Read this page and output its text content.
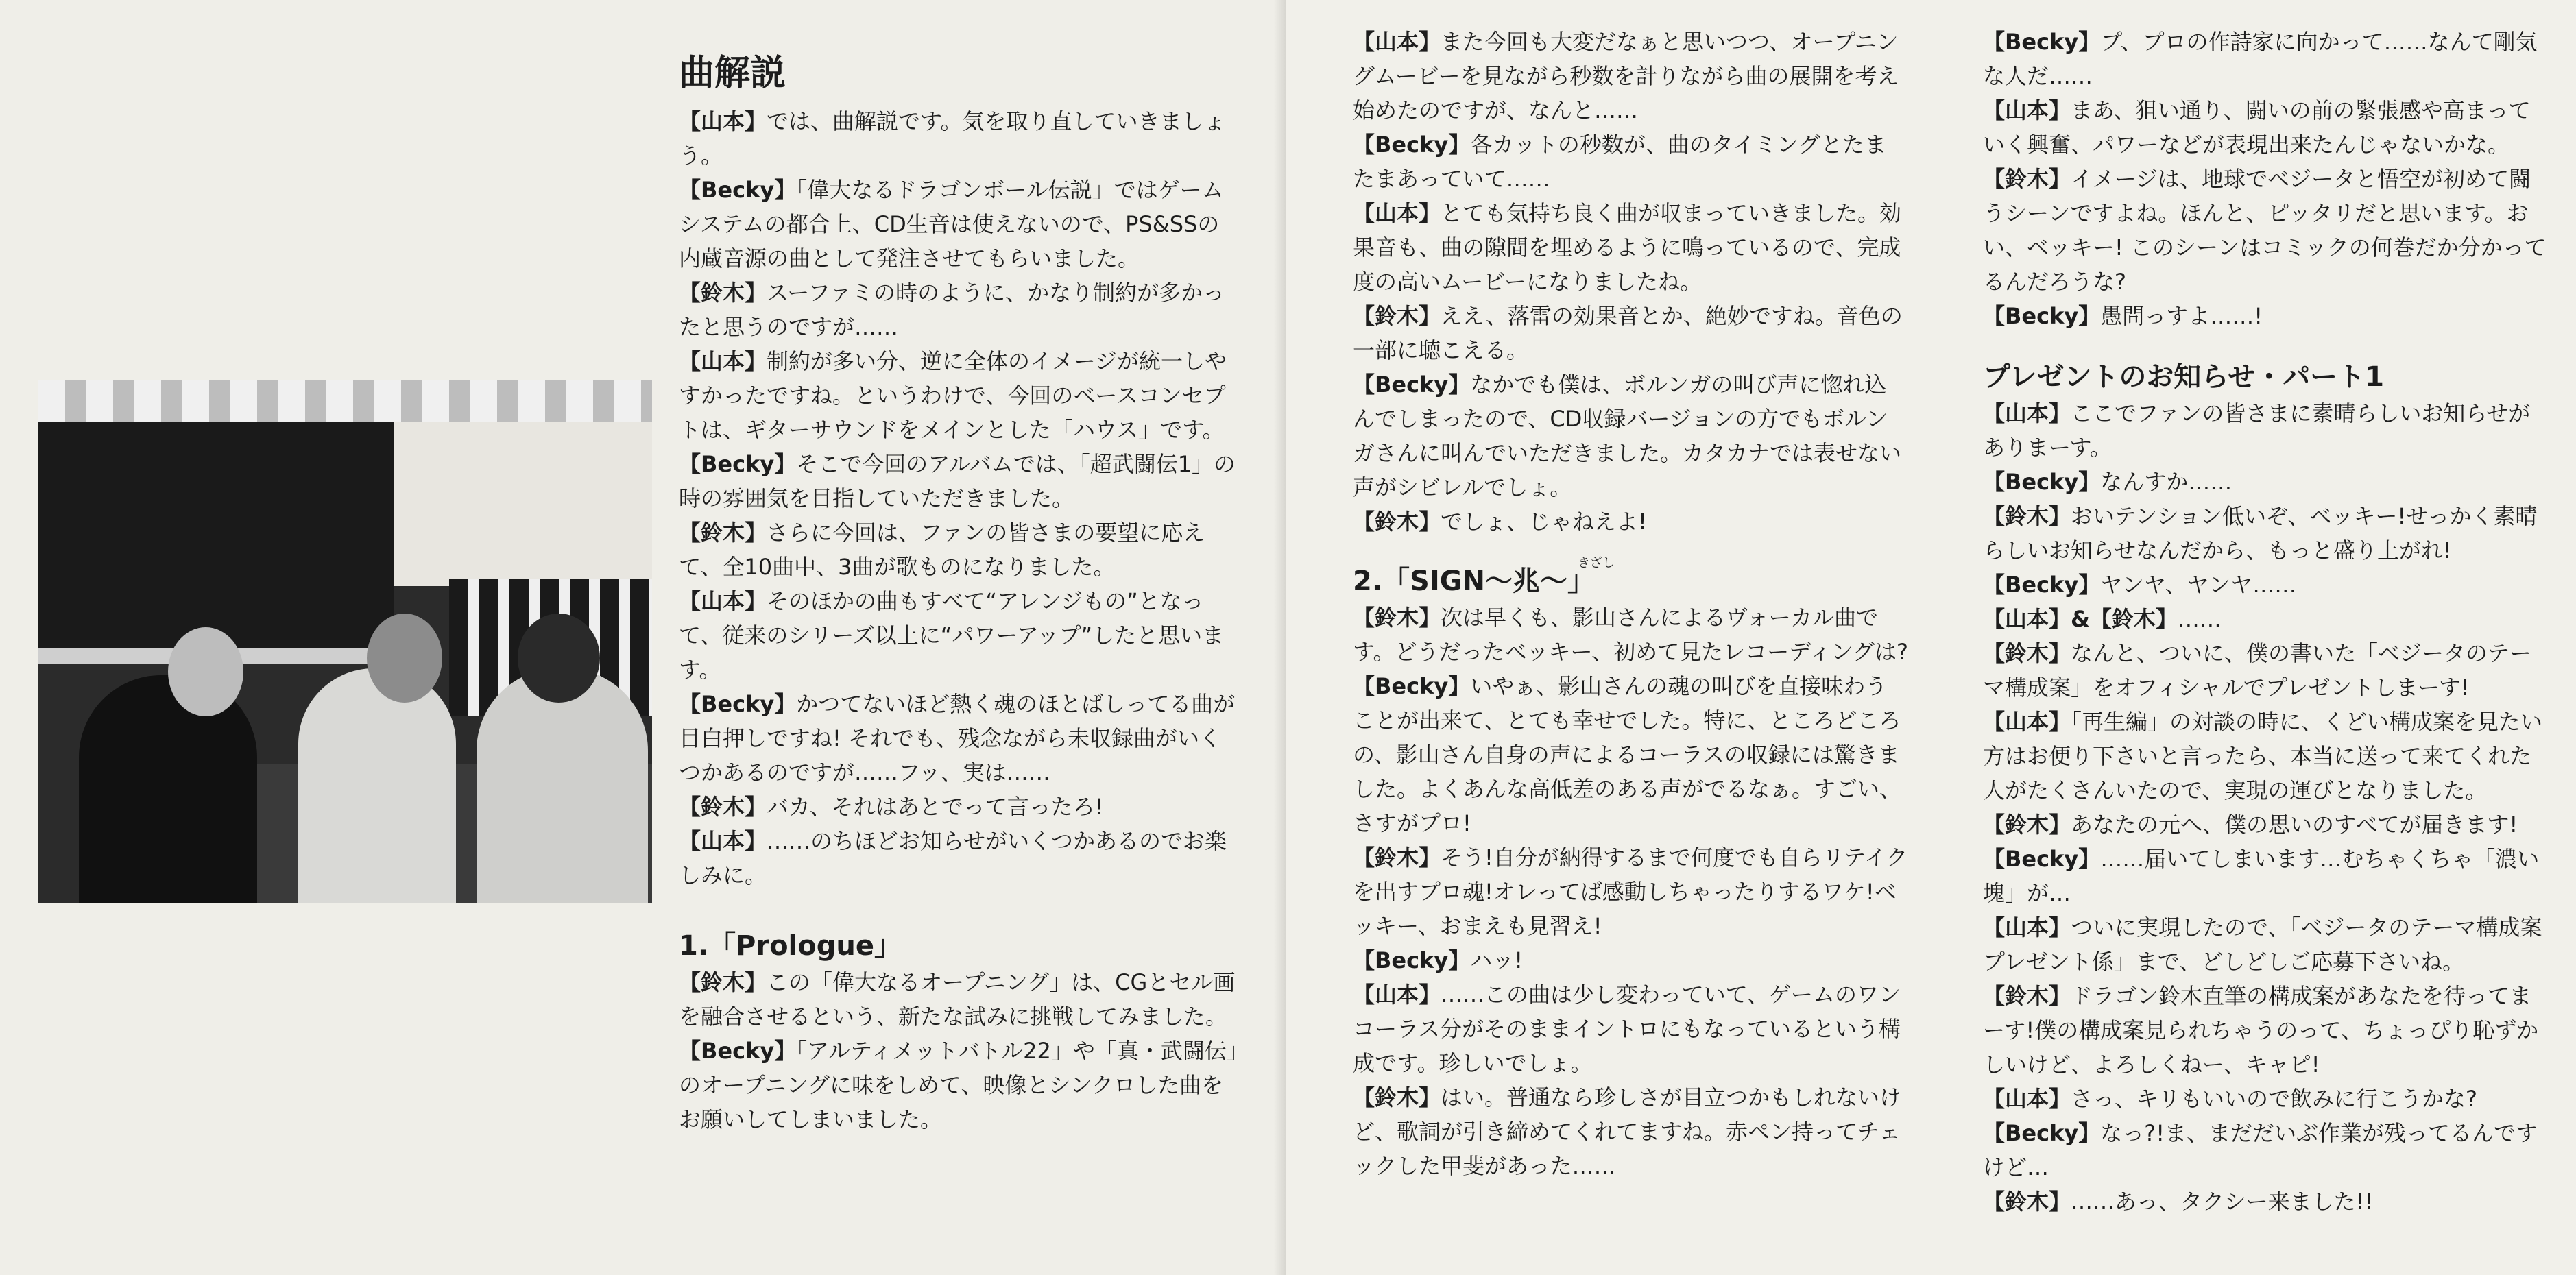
曲解説

【山本】では、曲解説です。気を取り直していきましょう。

【Becky】「偉大なるドラゴンボール伝説」ではゲームシステムの都合上、CD生音は使えないので、PS&SSの内蔵音源の曲として発注させてもらいました。

【鈴木】スーファミの時のように、かなり制約が多かったと思うのですが……

【山本】制約が多い分、逆に全体のイメージが統一しやすかったですね。というわけで、今回のベースコンセプトは、ギターサウンドをメインとした「ハウス」です。

【Becky】そこで今回のアルバムでは、「超武闘伝1」の時の雰囲気を目指していただきました。

【鈴木】さらに今回は、ファンの皆さまの要望に応えて、全10曲中、3曲が歌ものになりました。

【山本】そのほかの曲もすべて“アレンジもの”となって、従来のシリーズ以上に“パワーアップ”したと思います。

【Becky】かつてないほど熱く魂のほとばしってる曲が目白押しですね! それでも、残念ながら未収録曲がいくつかあるのですが……フッ、実は……

【鈴木】バカ、それはあとでって言ったろ!

【山本】……のちほどお知らせがいくつかあるのでお楽しみに。

1.「Prologue」

【鈴木】この「偉大なるオープニング」は、CGとセル画を融合させるという、新たな試みに挑戦してみました。

【Becky】「アルティメットバトル22」や「真・武闘伝」のオープニングに味をしめて、映像とシンクロした曲をお願いしてしまいました。

【山本】また今回も大変だなぁと思いつつ、オープニングムービーを見ながら秒数を計りながら曲の展開を考え始めたのですが、なんと……

【Becky】各カットの秒数が、曲のタイミングとたまたまあっていて……

【山本】とても気持ち良く曲が収まっていきました。効果音も、曲の隙間を埋めるように鳴っているので、完成度の高いムービーになりましたね。

【鈴木】ええ、落雷の効果音とか、絶妙ですね。音色の一部に聴こえる。

【Becky】なかでも僕は、ボルンガの叫び声に惚れ込んでしまったので、CD収録バージョンの方でもボルンガさんに叫んでいただきました。カタカナでは表せない声がシビレルでしょ。

【鈴木】でしょ、じゃねえよ!

きざし
2.「SIGN〜兆〜」

【鈴木】次は早くも、影山さんによるヴォーカル曲です。どうだったベッキー、初めて見たレコーディングは?

【Becky】いやぁ、影山さんの魂の叫びを直接味わうことが出来て、とても幸せでした。特に、ところどころの、影山さん自身の声によるコーラスの収録には驚きました。よくあんな高低差のある声がでるなぁ。すごい、さすがプロ!

【鈴木】そう!自分が納得するまで何度でも自らリテイクを出すプロ魂!オレってば感動しちゃったりするワケ!ベッキー、おまえも見習え!

【Becky】ハッ!

【山本】……この曲は少し変わっていて、ゲームのワンコーラス分がそのままイントロにもなっているという構成です。珍しいでしょ。

【鈴木】はい。普通なら珍しさが目立つかもしれないけど、歌詞が引き締めてくれてますね。赤ペン持ってチェックした甲斐があった……

【Becky】プ、プロの作詩家に向かって……なんて剛気な人だ……

【山本】まあ、狙い通り、闘いの前の緊張感や高まっていく興奮、パワーなどが表現出来たんじゃないかな。

【鈴木】イメージは、地球でベジータと悟空が初めて闘うシーンですよね。ほんと、ピッタリだと思います。おい、ベッキー! このシーンはコミックの何巻だか分かってるんだろうな?

【Becky】愚問っすよ……!

プレゼントのお知らせ・パート1

【山本】ここでファンの皆さまに素晴らしいお知らせがありまーす。

【Becky】なんすか……

【鈴木】おいテンション低いぞ、ベッキー!せっかく素晴らしいお知らせなんだから、もっと盛り上がれ!

【Becky】ヤンヤ、ヤンヤ……

【山本】&【鈴木】……

【鈴木】なんと、ついに、僕の書いた「ベジータのテーマ構成案」をオフィシャルでプレゼントしまーす!

【山本】「再生編」の対談の時に、くどい構成案を見たい方はお便り下さいと言ったら、本当に送って来てくれた人がたくさんいたので、実現の運びとなりました。

【鈴木】あなたの元へ、僕の思いのすべてが届きます!

【Becky】……届いてしまいます…むちゃくちゃ「濃い塊」が…

【山本】ついに実現したので、「ベジータのテーマ構成案プレゼント係」まで、どしどしご応募下さいね。

【鈴木】ドラゴン鈴木直筆の構成案があなたを待ってまーす!僕の構成案見られちゃうのって、ちょっぴり恥ずかしいけど、よろしくねー、キャピ!

【山本】さっ、キリもいいので飲みに行こうかな?

【Becky】なっ?!ま、まだだいぶ作業が残ってるんですけど…

【鈴木】……あっ、タクシー来ました!!
